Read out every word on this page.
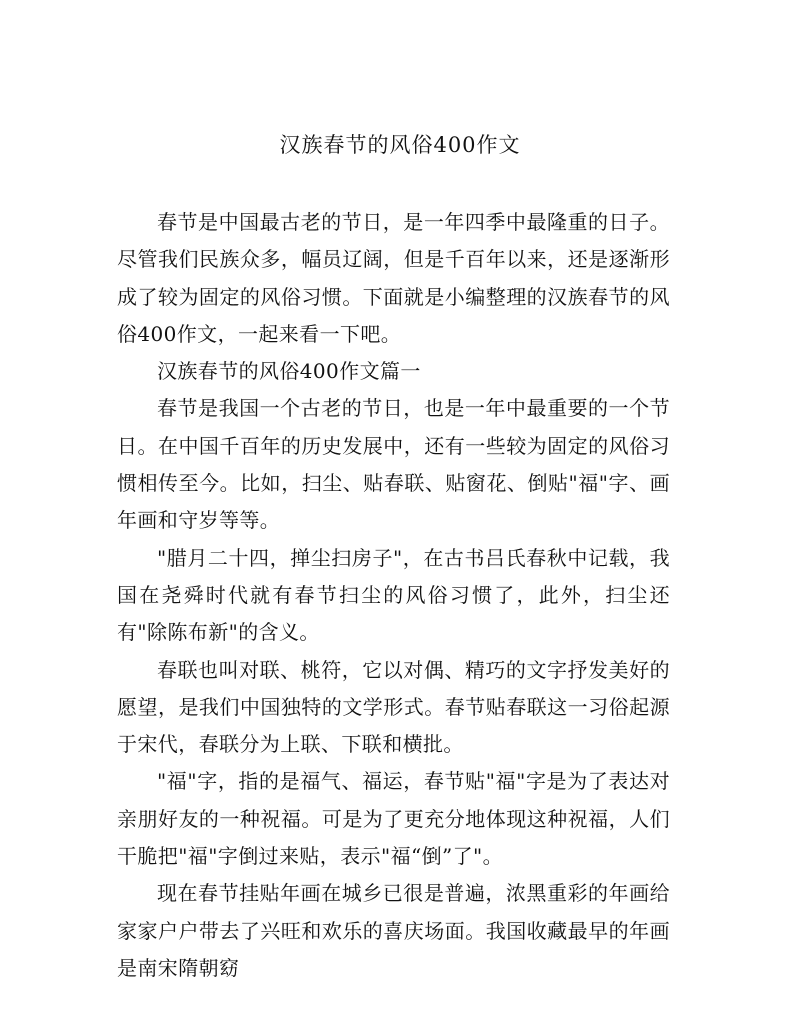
汉族春节的风俗400作文

春节是中国最古老的节日，是一年四季中最隆重的日子。尽管我们民族众多，幅员辽阔，但是千百年以来，还是逐渐形成了较为固定的风俗习惯。下面就是小编整理的汉族春节的风俗400作文，一起来看一下吧。

汉族春节的风俗400作文篇一

春节是我国一个古老的节日，也是一年中最重要的一个节日。在中国千百年的历史发展中，还有一些较为固定的风俗习惯相传至今。比如，扫尘、贴春联、贴窗花、倒贴"福"字、画年画和守岁等等。

"腊月二十四，掸尘扫房子"，在古书吕氏春秋中记载，我国在尧舜时代就有春节扫尘的风俗习惯了，此外，扫尘还有"除陈布新"的含义。

春联也叫对联、桃符，它以对偶、精巧的文字抒发美好的愿望，是我们中国独特的文学形式。春节贴春联这一习俗起源于宋代，春联分为上联、下联和横批。

"福"字，指的是福气、福运，春节贴"福"字是为了表达对亲朋好友的一种祝福。可是为了更充分地体现这种祝福，人们干脆把"福"字倒过来贴，表示"福“倒”了"。

现在春节挂贴年画在城乡已很是普遍，浓黑重彩的年画给家家户户带去了兴旺和欢乐的喜庆场面。我国收藏最早的年画是南宋隋朝窈
